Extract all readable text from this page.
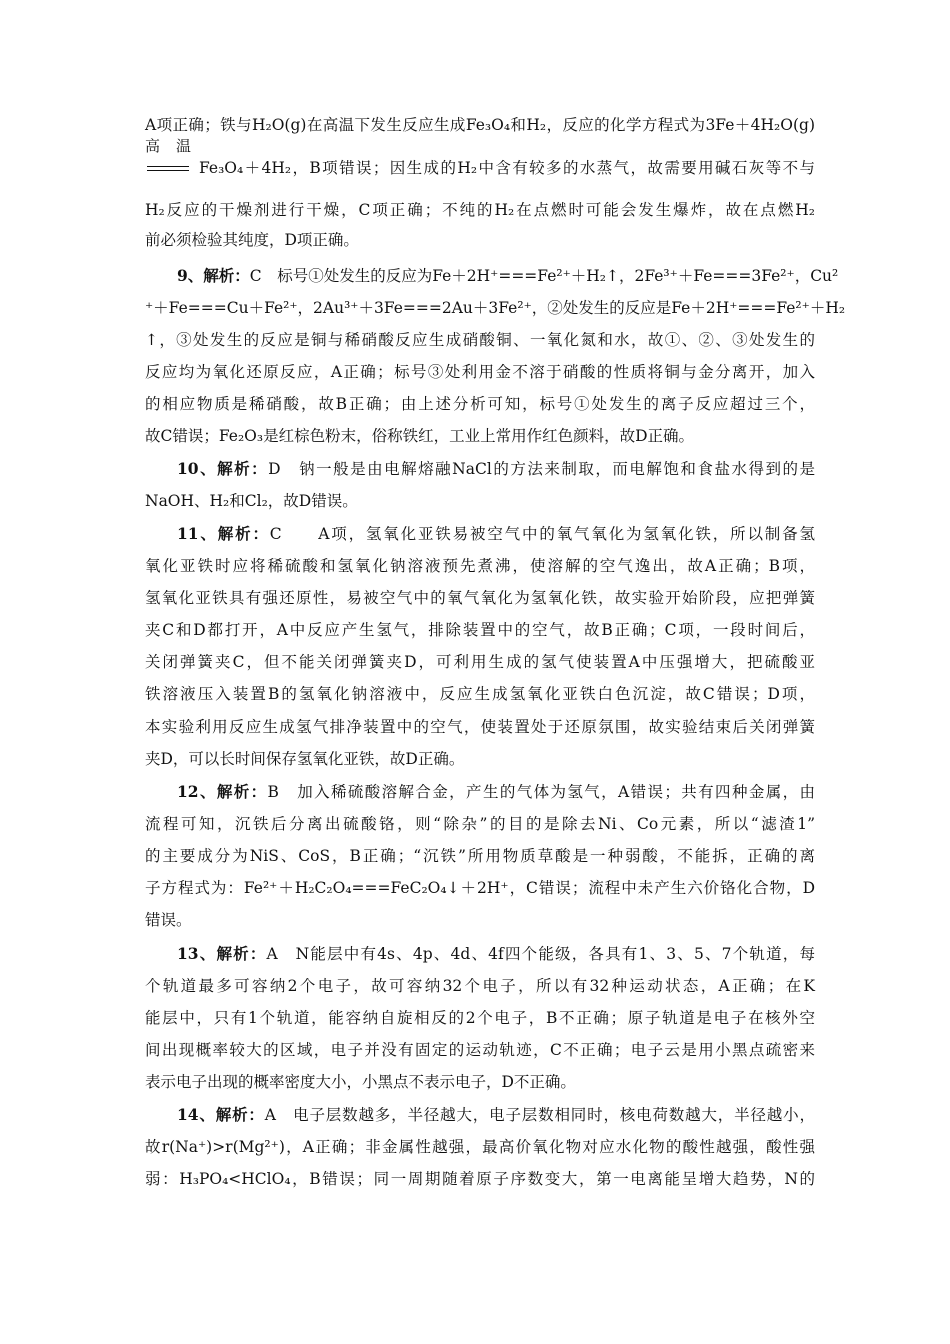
A项正确；铁与H₂O(g)在高温下发生反应生成Fe₃O₄和H₂，反应的化学方程式为3Fe＋4H₂O(g)
高温
Fe₃O₄＋4H₂，B项错误；因生成的H₂中含有较多的水蒸气，故需要用碱石灰等不与
H₂反应的干燥剂进行干燥，C项正确；不纯的H₂在点燃时可能会发生爆炸，故在点燃H₂
前必须检验其纯度，D项正确。
9、解析：C　 标号①处发生的反应为Fe＋2H⁺===Fe²⁺＋H₂↑，2Fe³⁺＋Fe===3Fe²⁺，Cu²
⁺＋Fe===Cu＋Fe²⁺，2Au³⁺＋3Fe===2Au＋3Fe²⁺，②处发生的反应是Fe＋2H⁺===Fe²⁺＋H₂
↑，③处发生的反应是铜与稀硝酸反应生成硝酸铜、一氧化氮和水，故①、②、③处发生的
反应均为氧化还原反应，A正确；标号③处利用金不溶于硝酸的性质将铜与金分离开，加入
的相应物质是稀硝酸，故B正确；由上述分析可知，标号①处发生的离子反应超过三个，
故C错误；Fe₂O₃是红棕色粉末，俗称铁红，工业上常用作红色颜料，故D正确。
10、解析：D　 钠一般是由电解熔融NaCl的方法来制取，而电解饱和食盐水得到的是
NaOH、H₂和Cl₂，故D错误。
11、解析：C　　 A项，氢氧化亚铁易被空气中的氧气氧化为氢氧化铁，所以制备氢
氧化亚铁时应将稀硫酸和氢氧化钠溶液预先煮沸，使溶解的空气逸出，故A正确；B项，
氢氧化亚铁具有强还原性，易被空气中的氧气氧化为氢氧化铁，故实验开始阶段，应把弹簧
夹C和D都打开，A中反应产生氢气，排除装置中的空气，故B正确；C项，一段时间后，
关闭弹簧夹C，但不能关闭弹簧夹D，可利用生成的氢气使装置A中压强增大，把硫酸亚
铁溶液压入装置B的氢氧化钠溶液中，反应生成氢氧化亚铁白色沉淀，故C错误；D项，
本实验利用反应生成氢气排净装置中的空气，使装置处于还原氛围，故实验结束后关闭弹簧
夹D，可以长时间保存氢氧化亚铁，故D正确。
12、解析：B　 加入稀硫酸溶解合金，产生的气体为氢气，A错误；共有四种金属，由
流程可知，沉铁后分离出硫酸铬，则“除杂”的目的是除去Ni、Co元素，所以“滤渣1”
的主要成分为NiS、CoS，B正确；“沉铁”所用物质草酸是一种弱酸，不能拆，正确的离
子方程式为：Fe²⁺＋H₂C₂O₄===FeC₂O₄↓＋2H⁺，C错误；流程中未产生六价铬化合物，D
错误。
13、解析：A　 N能层中有4s、4p、4d、4f四个能级，各具有1、3、5、7个轨道，每
个轨道最多可容纳2个电子，故可容纳32个电子，所以有32种运动状态，A正确；在K
能层中，只有1个轨道，能容纳自旋相反的2个电子，B不正确；原子轨道是电子在核外空
间出现概率较大的区域，电子并没有固定的运动轨迹，C不正确；电子云是用小黑点疏密来
表示电子出现的概率密度大小，小黑点不表示电子，D不正确。
14、解析：A　 电子层数越多，半径越大，电子层数相同时，核电荷数越大，半径越小，
故r(Na⁺)>r(Mg²⁺)，A正确；非金属性越强，最高价氧化物对应水化物的酸性越强，酸性强
弱：H₃PO₄<HClO₄，B错误；同一周期随着原子序数变大，第一电离能呈增大趋势，N的
